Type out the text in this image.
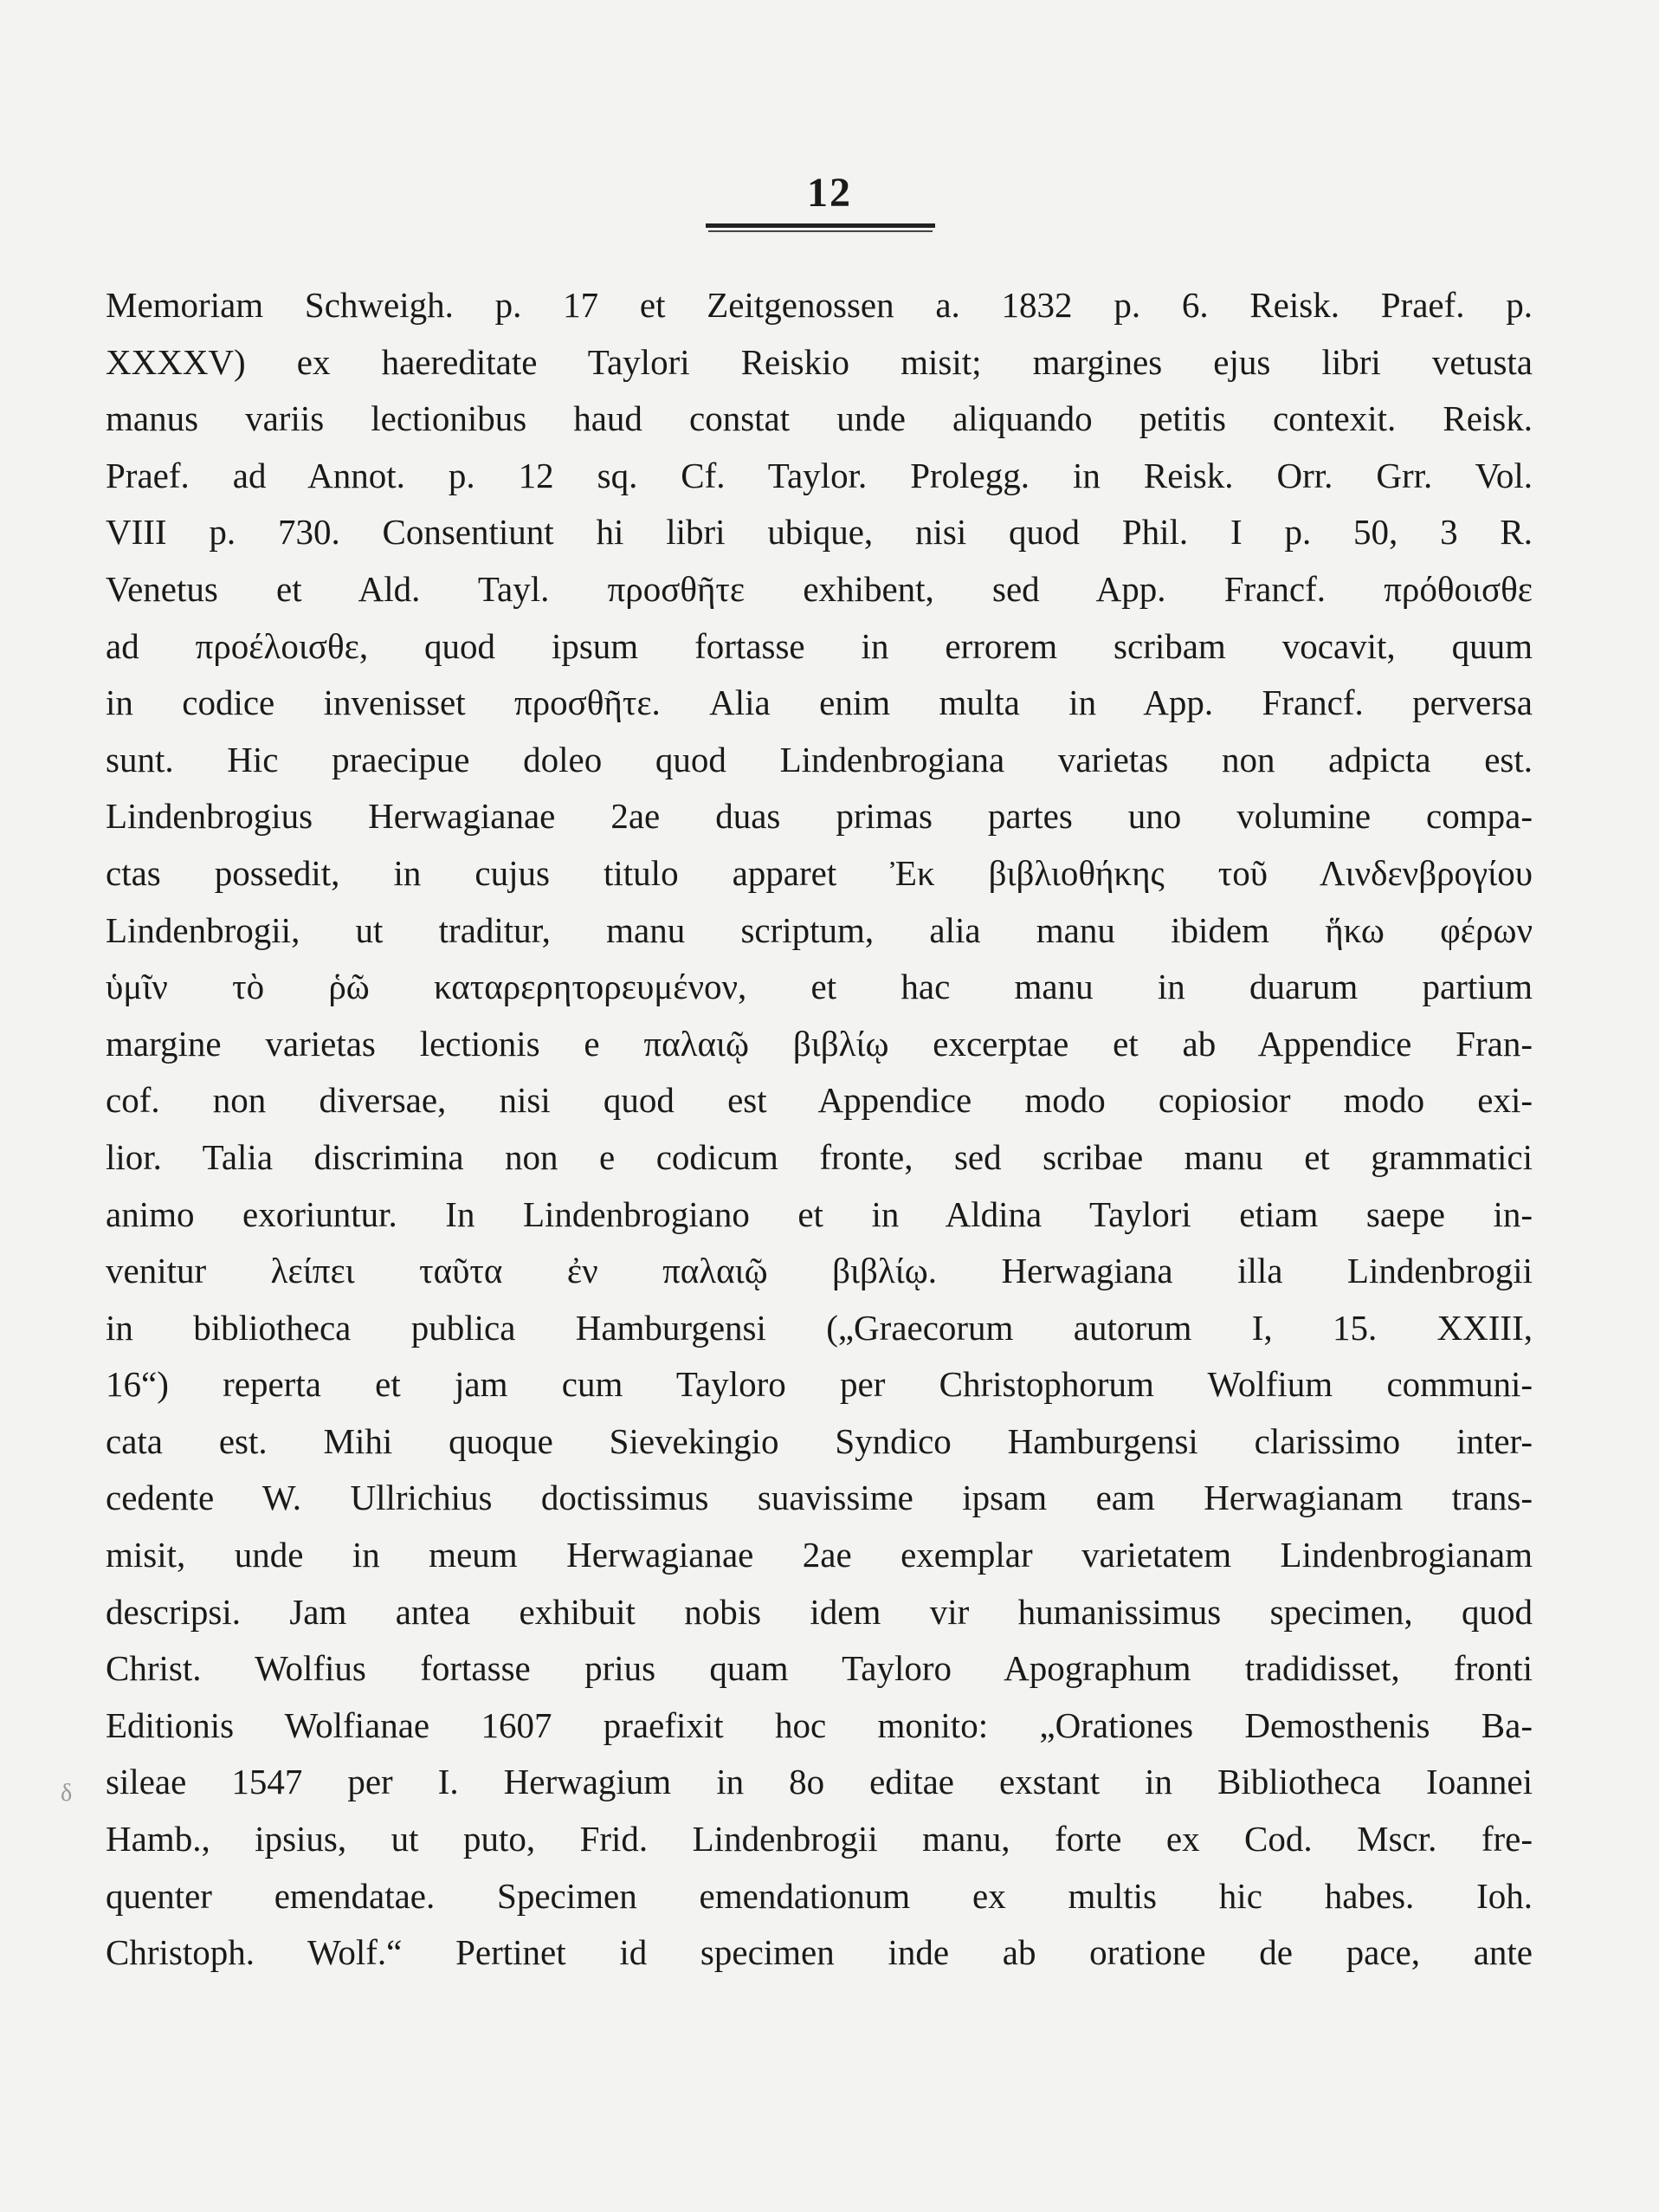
12
δ
Memoriam Schweigh. p. 17 et Zeitgenossen a. 1832 p. 6. Reisk. Praef. p.
XXXXV) ex haereditate Taylori Reiskio misit; margines ejus libri vetusta
manus variis lectionibus haud constat unde aliquando petitis contexit. Reisk.
Praef. ad Annot. p. 12 sq. Cf. Taylor. Prolegg. in Reisk. Orr. Grr. Vol.
VIII p. 730. Consentiunt hi libri ubique, nisi quod Phil. I p. 50, 3 R.
Venetus et Ald. Tayl. προσθῆτε exhibent, sed App. Francf. πρόθοισθε
ad προέλοισθε, quod ipsum fortasse in errorem scribam vocavit, quum
in codice invenisset προσθῆτε. Alia enim multa in App. Francf. perversa
sunt. Hic praecipue doleo quod Lindenbrogiana varietas non adpicta est.
Lindenbrogius Herwagianae 2ae duas primas partes uno volumine compa-
ctas possedit, in cujus titulo apparet Ἐκ βιβλιοθήκης τοῦ Λινδενβρογίου
Lindenbrogii, ut traditur, manu scriptum, alia manu ibidem ἥκω φέρων
ὑμῖν τὸ ῥῶ καταρερητορευμένον, et hac manu in duarum partium
margine varietas lectionis e παλαιῷ βιβλίῳ excerptae et ab Appendice Fran-
cof. non diversae, nisi quod est Appendice modo copiosior modo exi-
lior. Talia discrimina non e codicum fronte, sed scribae manu et grammatici
animo exoriuntur. In Lindenbrogiano et in Aldina Taylori etiam saepe in-
venitur λείπει ταῦτα ἐν παλαιῷ βιβλίῳ. Herwagiana illa Lindenbrogii
in bibliotheca publica Hamburgensi („Graecorum autorum I, 15. XXIII,
16“) reperta et jam cum Tayloro per Christophorum Wolfium communi-
cata est. Mihi quoque Sievekingio Syndico Hamburgensi clarissimo inter-
cedente W. Ullrichius doctissimus suavissime ipsam eam Herwagianam trans-
misit, unde in meum Herwagianae 2ae exemplar varietatem Lindenbrogianam
descripsi. Jam antea exhibuit nobis idem vir humanissimus specimen, quod
Christ. Wolfius fortasse prius quam Tayloro Apographum tradidisset, fronti
Editionis Wolfianae 1607 praefixit hoc monito: „Orationes Demosthenis Ba-
sileae 1547 per I. Herwagium in 8o editae exstant in Bibliotheca Ioannei
Hamb., ipsius, ut puto, Frid. Lindenbrogii manu, forte ex Cod. Mscr. fre-
quenter emendatae. Specimen emendationum ex multis hic habes. Ioh.
Christoph. Wolf.“ Pertinet id specimen inde ab oratione de pace, ante
